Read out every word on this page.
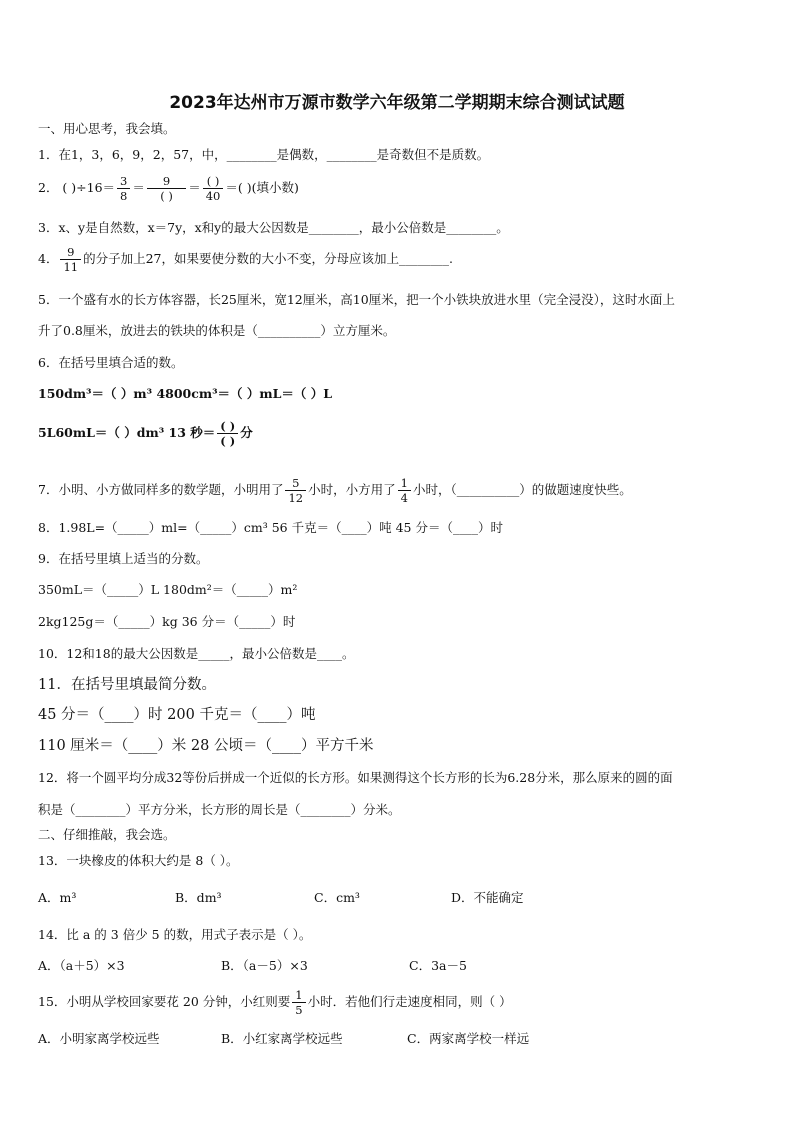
2023年达州市万源市数学六年级第二学期期末综合测试试题
一、用心思考，我会填。
1．在1，3，6，9，2，57，中，________是偶数，________是奇数但不是质数。
2． ( )$\div 16= \frac{3}{8} = \frac{9}{( )} = \frac{( )}{40}$ ＝( )(填小数)
3．x、y是自然数，x＝7y，x和y的最大公因数是________，最小公倍数是________。
4． $\frac{9}{11}$ 的分子加上27，如果要使分数的大小不变，分母应该加上________.
5．一个盛有水的长方体容器，长25厘米，宽12厘米，高10厘米，把一个小铁块放进水里（完全浸没），这时水面上
升了0.8厘米，放进去的铁块的体积是（__________）立方厘米。
6．在括号里填合适的数。
150dm³＝（ ）m³ 4800cm³＝（ ）mL＝（ ）L
5L60mL＝（ ）dm³ 13 秒＝ $\frac{( )}{( )}$ 分
7．小明、小方做同样多的数学题，小明用了 $\frac{5}{12}$ 小时，小方用了 $\frac{1}{4}$ 小时，（__________）的做题速度快些。
8．1.98L=（_____）ml=（_____）cm³ 56 千克＝（____）吨 45 分＝（____）时
9．在括号里填上适当的分数。
350mL＝（_____）L 180dm²＝（_____）m²
2kg125g＝（_____）kg 36 分＝（_____）时
10．12和18的最大公因数是_____，最小公倍数是____。
11．在括号里填最简分数。
45 分＝（____）时 200 千克＝（____）吨
110 厘米＝（____）米 28 公顷＝（____）平方千米
12．将一个圆平均分成32等份后拼成一个近似的长方形。如果测得这个长方形的长为6.28分米，那么原来的圆的面
积是（________）平方分米，长方形的周长是（________）分米。
二、仔细推敲，我会选。
13．一块橡皮的体积大约是 8（ ）。
A．m³	B．dm³	C．cm³	D．不能确定
14．比 a 的 3 倍少 5 的数，用式子表示是（ ）。
A．（a＋5）×3	B．（a－5）×3	C．3a－5
15．小明从学校回家要花 20 分钟，小红则要 $\frac{1}{5}$ 小时．若他们行走速度相同，则（ ）
A．小明家离学校远些	B．小红家离学校远些	C．两家离学校一样远
